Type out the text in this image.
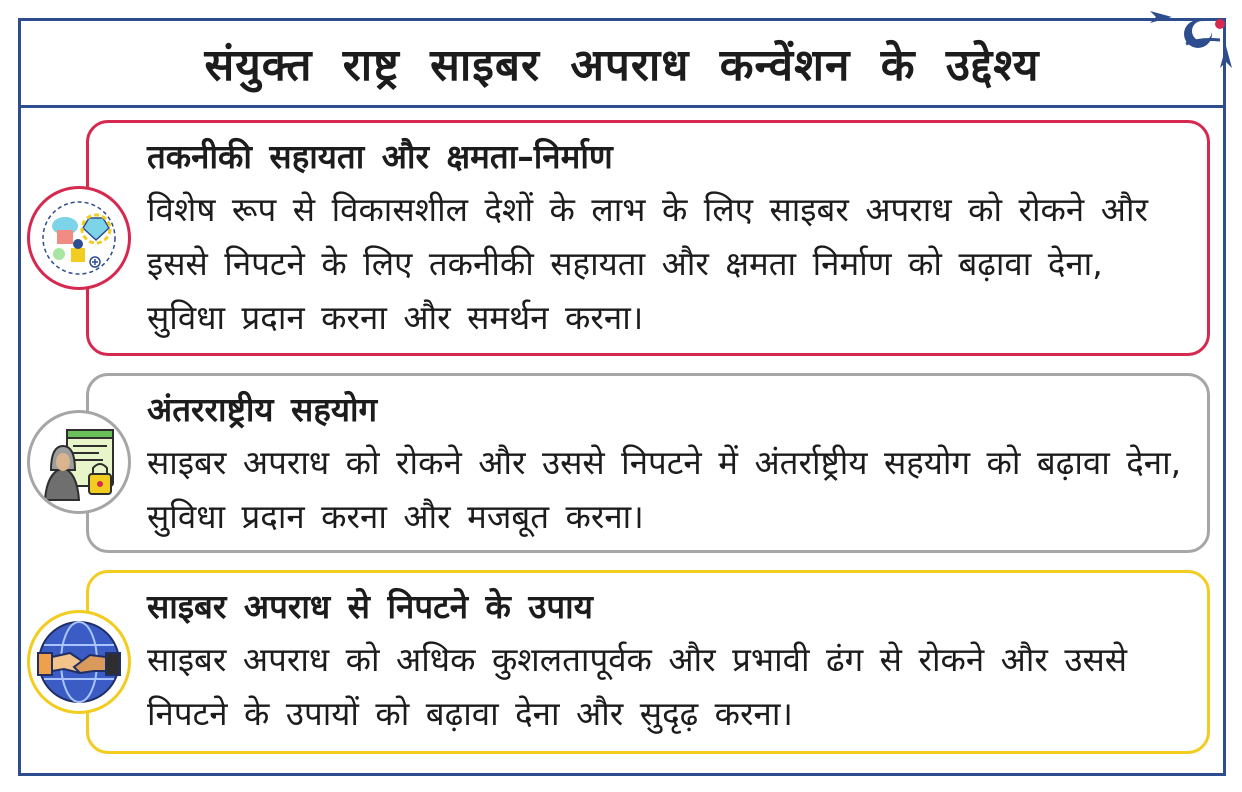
संयुक्त राष्ट्र साइबर अपराध कन्वेंशन के उद्देश्य
तकनीकी सहायता और क्षमता–निर्माण
विशेष रूप से विकासशील देशों के लाभ के लिए साइबर अपराध को रोकने और इससे निपटने के लिए तकनीकी सहायता और क्षमता निर्माण को बढ़ावा देना, सुविधा प्रदान करना और समर्थन करना।
अंतरराष्ट्रीय सहयोग
साइबर अपराध को रोकने और उससे निपटने में अंतर्राष्ट्रीय सहयोग को बढ़ावा देना, सुविधा प्रदान करना और मजबूत करना।
साइबर अपराध से निपटने के उपाय
साइबर अपराध को अधिक कुशलतापूर्वक और प्रभावी ढंग से रोकने और उससे निपटने के उपायों को बढ़ावा देना और सुदृढ़ करना।
